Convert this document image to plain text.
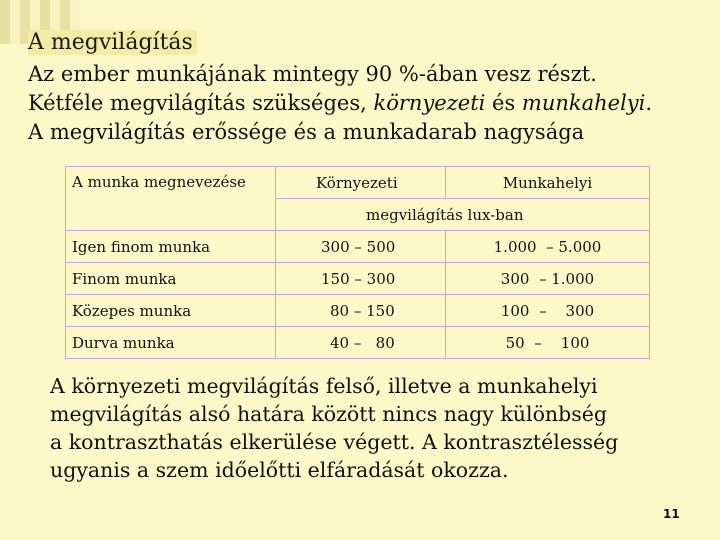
A megvilágítás
Az ember munkájának mintegy 90 %-ában vesz részt.
Kétféle megvilágítás szükséges, környezeti és munkahelyi.
A megvilágítás erőssége és a munkadarab nagysága
A munka megnevezése	Környezeti	Munkahelyi
	megvilágítás lux-ban	
Igen finom munka	300 – 500	1.000  – 5.000
Finom munka	150 – 300	300  – 1.000
Közepes munka	80 – 150	100  –    300
Durva munka	40 –   80	50  –    100
A környezeti megvilágítás felső, illetve a munkahelyi
megvilágítás alsó határa között nincs nagy különbség
a kontraszthatás elkerülése végett. A kontrasztélesség
ugyanis a szem időelőtti elfáradását okozza.
11
